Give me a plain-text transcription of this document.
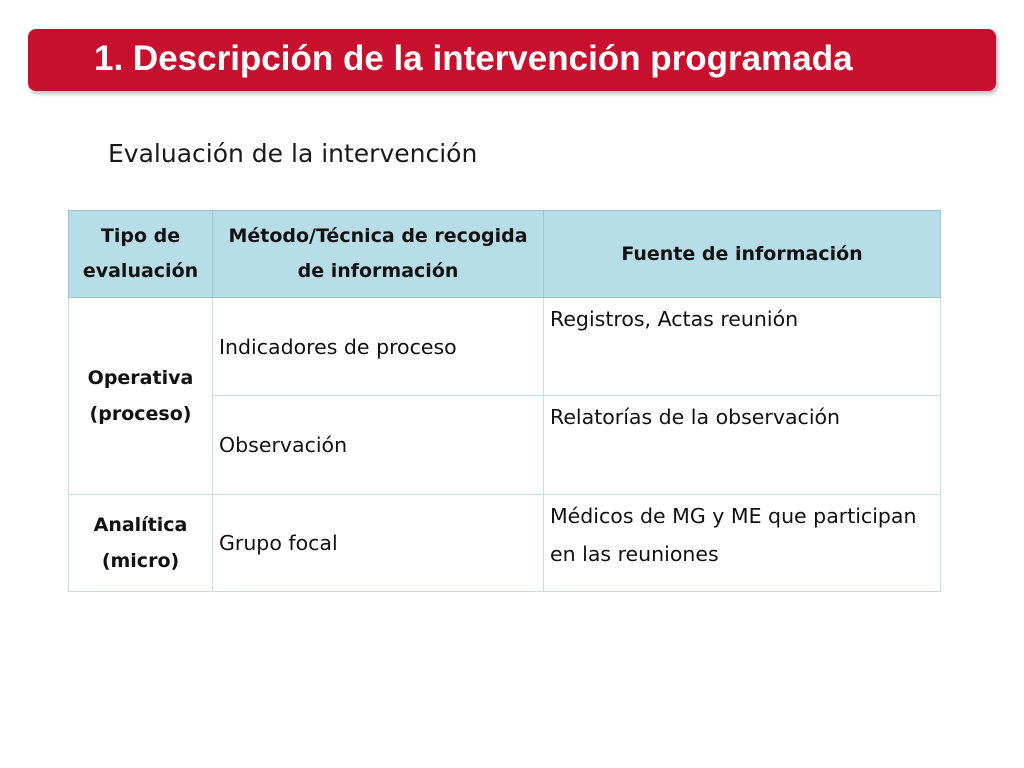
1. Descripción de la intervención programada
Evaluación de la intervención
Tipo de evaluación	Método/Técnica de recogida de información	Fuente de información
Operativa (proceso)	Indicadores de proceso	Registros, Actas reunión
	Observación	Relatorías de la observación
Analítica (micro)	Grupo focal	Médicos de MG y ME que participan en las reuniones
